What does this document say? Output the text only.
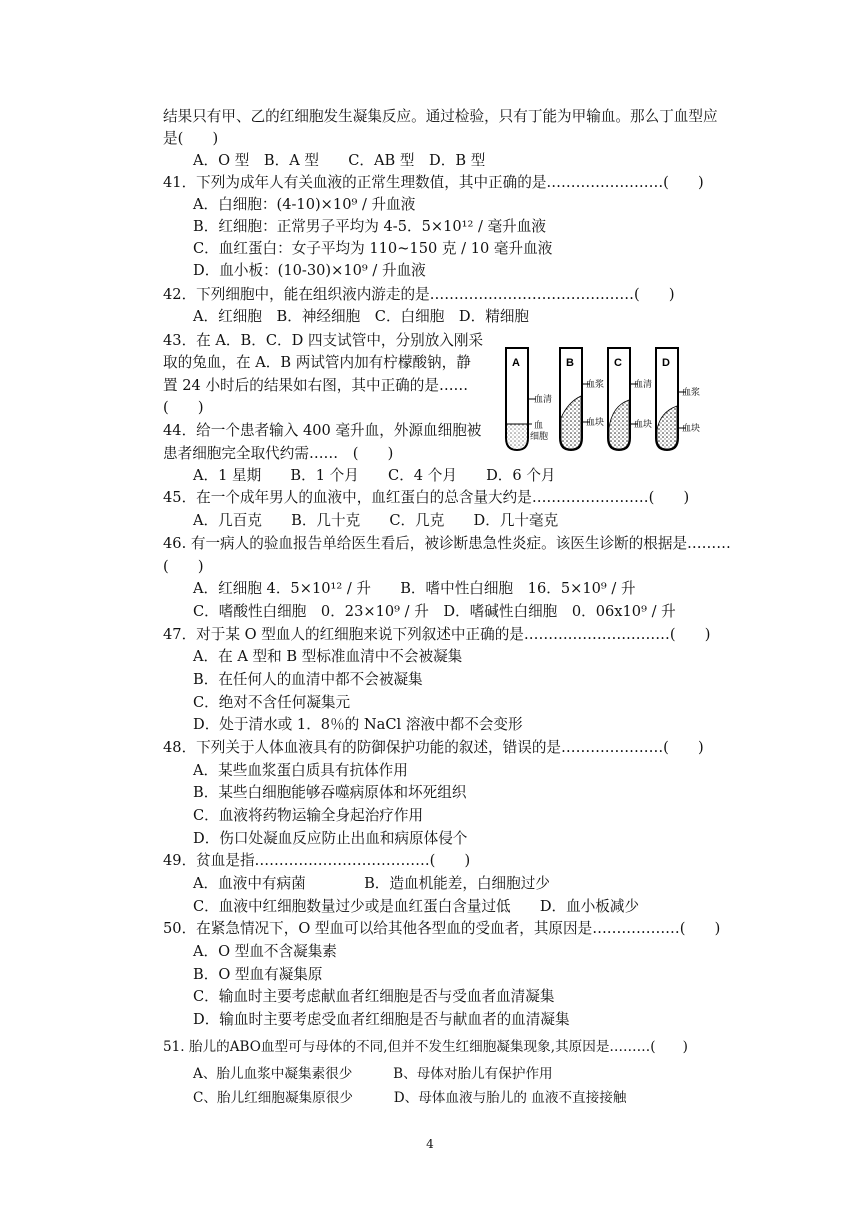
结果只有甲、乙的红细胞发生凝集反应。通过检验，只有丁能为甲输血。那么丁血型应
是(　　)
A．O 型　B．A 型　　C．AB 型　D．B 型
41．下列为成年人有关血液的正常生理数值，其中正确的是……………………(　　)
A．白细胞：(4-10)×10⁹ / 升血液
B．红细胞：正常男子平均为 4-5．5×10¹² / 毫升血液
C．血红蛋白：女子平均为 110~150 克 / 10 毫升血液
D．血小板：(10-30)×10⁹ / 升血液
42．下列细胞中，能在组织液内游走的是……………………………………(　　)
A．红细胞　B．神经细胞　C．白细胞　D．精细胞
43．在 A．B．C．D 四支试管中，分别放入刚采
取的兔血，在 A．B 两试管内加有柠檬酸钠，静
置 24 小时后的结果如右图，其中正确的是……
(　　)
44．给一个患者输入 400 毫升血，外源血细胞被
患者细胞完全取代约需……　(　　)
A．1 星期　　B．1 个月　　C．4 个月　　D．6 个月
45．在一个成年男人的血液中，血红蛋白的总含量大约是……………………(　　)
A．几百克　　B．几十克　　C．几克　　D．几十毫克
46. 有一病人的验血报告单给医生看后，被诊断患急性炎症。该医生诊断的根据是………
(　　)
A．红细胞 4．5×10¹² / 升　　B．嗜中性白细胞　16．5×10⁹ / 升
C．嗜酸性白细胞　0．23×10⁹ / 升　D．嗜碱性白细胞　0．06x10⁹ / 升
47．对于某 O 型血人的红细胞来说下列叙述中正确的是…………………………(　　)
A．在 A 型和 B 型标准血清中不会被凝集
B．在任何人的血清中都不会被凝集
C．绝对不含任何凝集元
D．处于清水或 1．8％的 NaCl 溶液中都不会变形
48．下列关于人体血液具有的防御保护功能的叙述，错误的是…………………(　　)
A．某些血浆蛋白质具有抗体作用
B．某些白细胞能够吞噬病原体和坏死组织
C．血液将药物运输全身起治疗作用
D．伤口处凝血反应防止出血和病原体侵个
49．贫血是指………………………………(　　)
A．血液中有病菌　　　　B．造血机能差，白细胞过少
C．血液中红细胞数量过少或是血红蛋白含量过低　　D．血小板减少
50．在紧急情况下，O 型血可以给其他各型血的受血者，其原因是………………(　　)
A．O 型血不含凝集素
B．O 型血有凝集原
C．输血时主要考虑献血者红细胞是否与受血者血清凝集
D．输血时主要考虑受血者红细胞是否与献血者的血清凝集
51. 胎儿的ABO血型可与母体的不同,但并不发生红细胞凝集现象,其原因是………(　　)
A、胎儿血浆中凝集素很少　　　B、母体对胎儿有保护作用
C、胎儿红细胞凝集原很少　　　D、母体血液与胎儿的 血液不直接接触
A
血清
血
细胞
B
血浆
血块
C
血清
血块
D
血浆
血块
4
